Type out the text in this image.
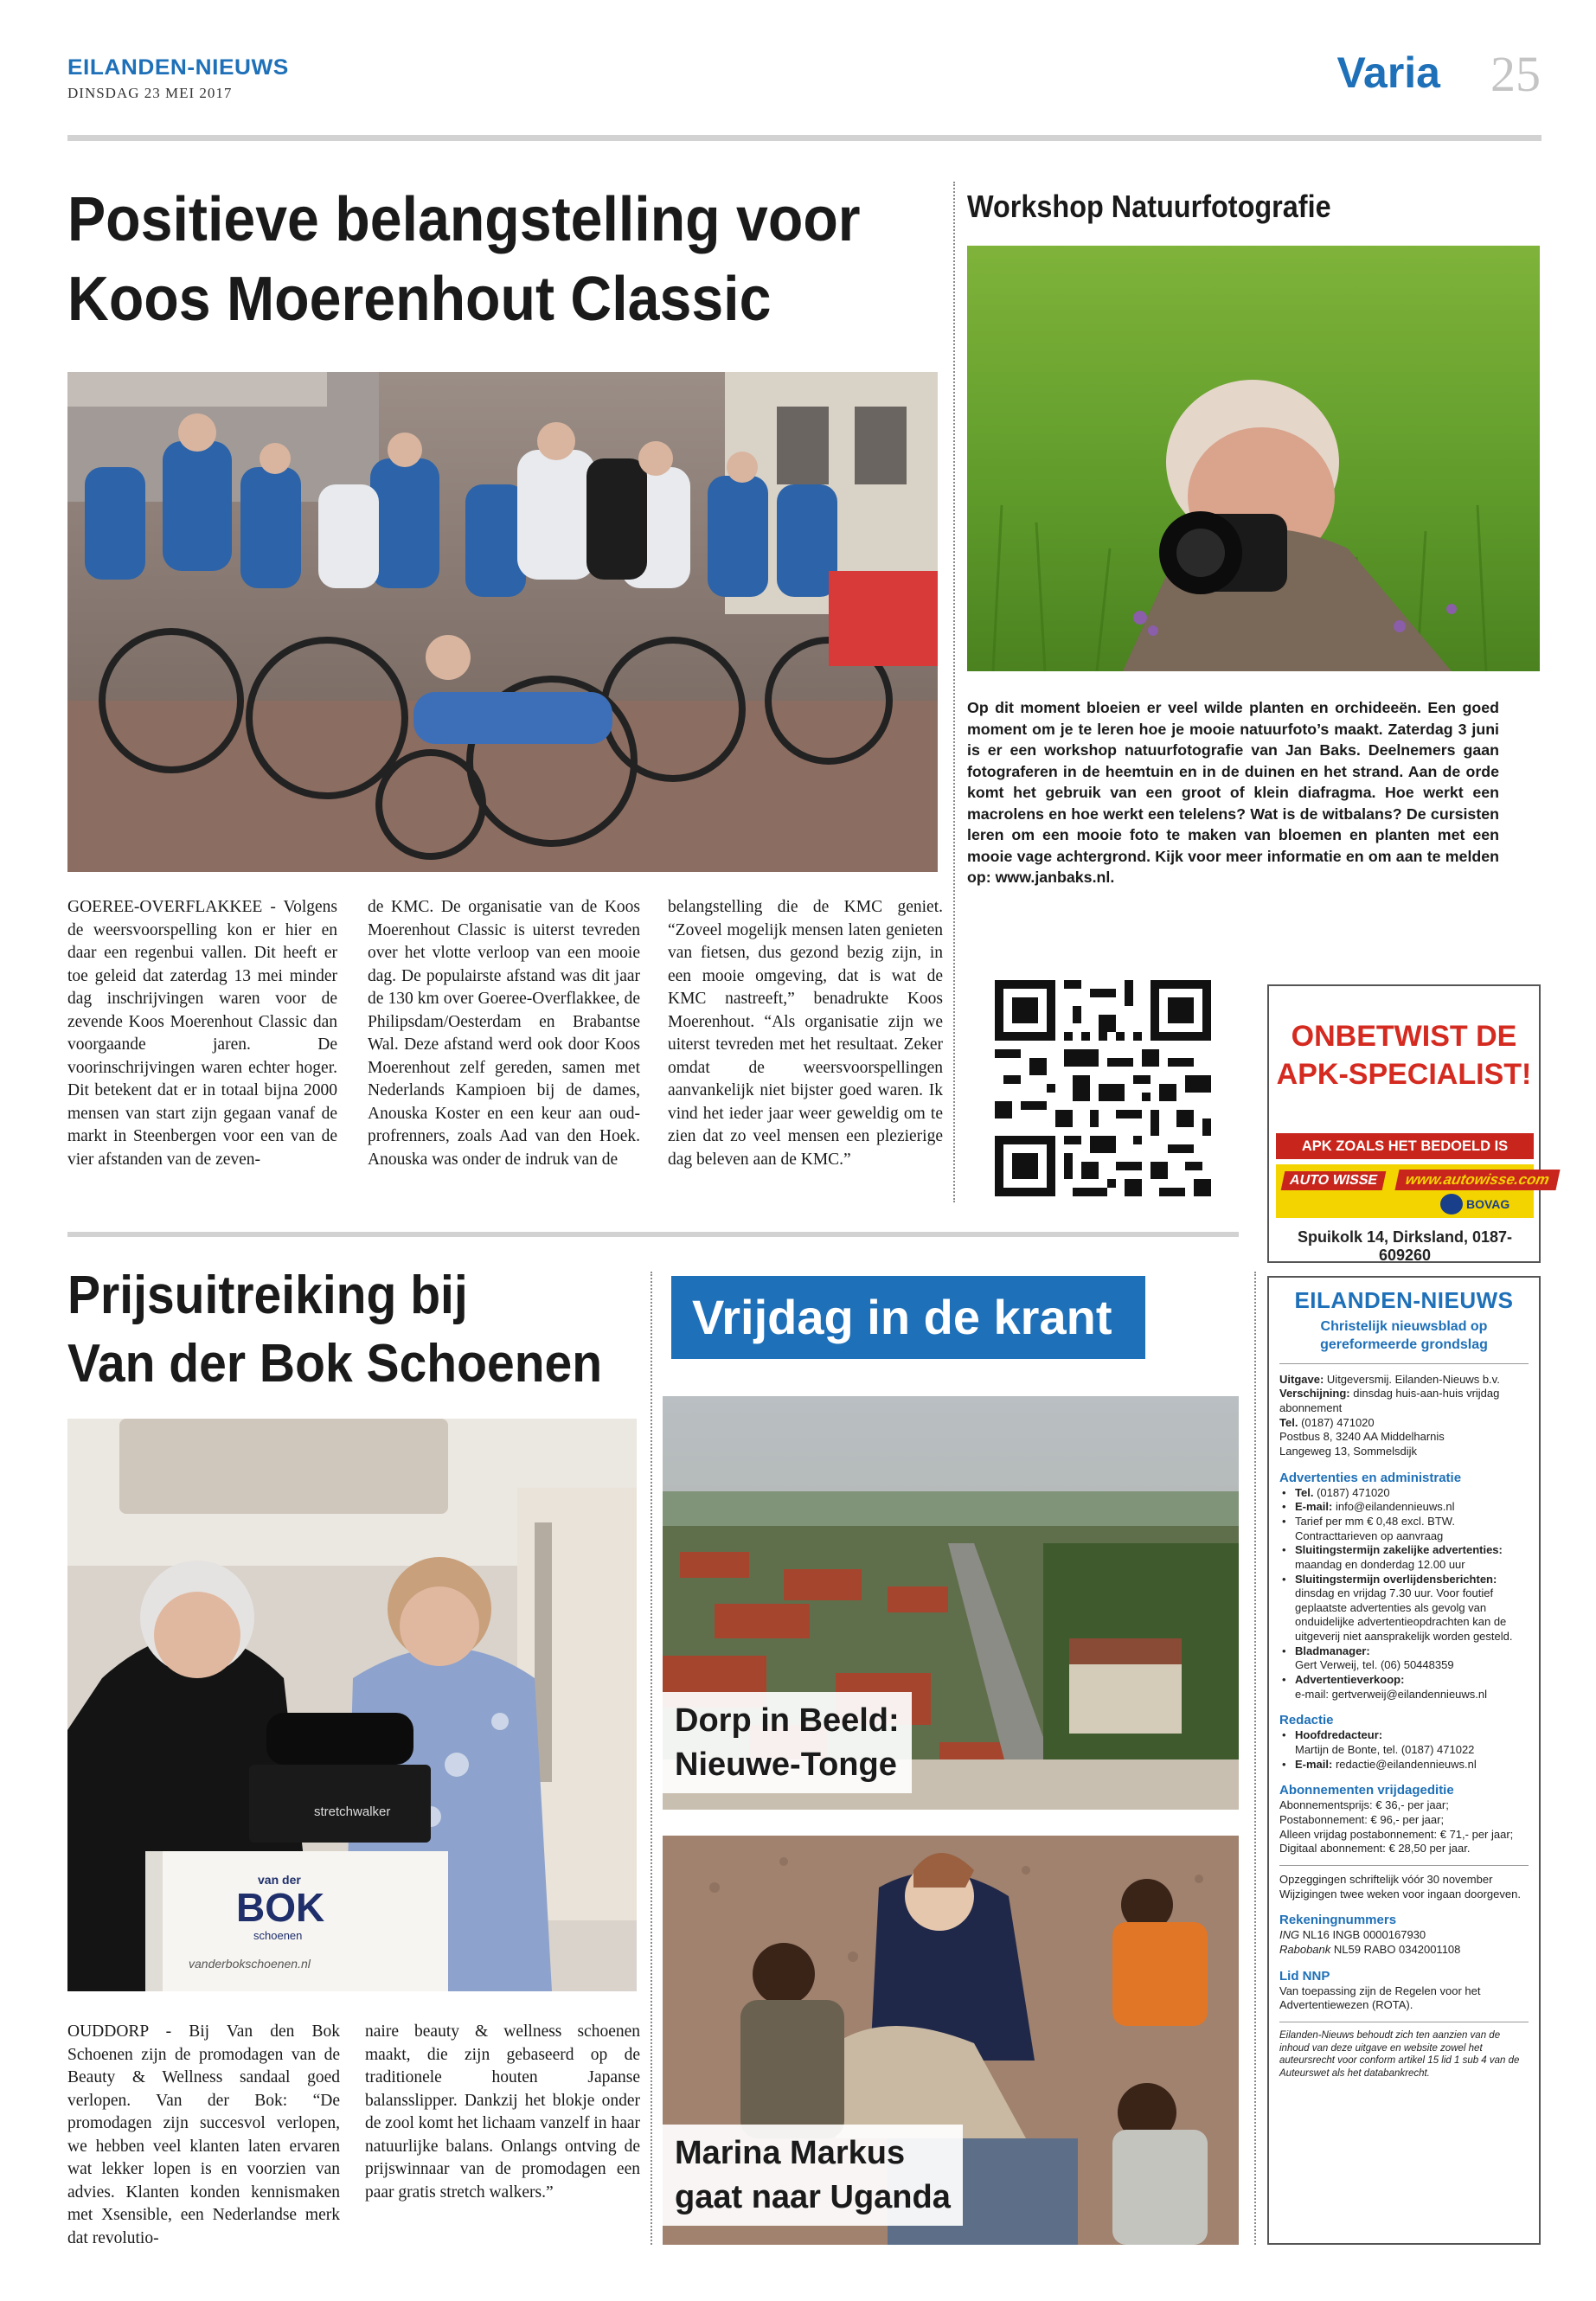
EILANDEN-NIEUWS
DINSDAG 23 MEI 2017	Varia 25
Positieve belangstelling voor
Koos Moerenhout Classic
GOEREE-OVERFLAKKEE - Volgens de weersvoorspelling kon er hier en daar een regenbui vallen. Dit heeft er toe geleid dat zaterdag 13 mei minder dag inschrijvingen waren voor de zevende Koos Moerenhout Classic dan voorgaande jaren. De voorinschrijvingen waren echter hoger. Dit betekent dat er in totaal bijna 2000 mensen van start zijn gegaan vanaf de markt in Steenbergen voor een van de vier afstanden van de zeven-
de KMC. De organisatie van de Koos Moerenhout Classic is uiterst tevreden over het vlotte verloop van een mooie dag. De populairste afstand was dit jaar de 130 km over Goeree-Overflakkee, de Philipsdam/Oesterdam en Brabantse Wal. Deze afstand werd ook door Koos Moerenhout zelf gereden, samen met Nederlands Kampioen bij de dames, Anouska Koster en een keur aan oud-profrenners, zoals Aad van den Hoek. Anouska was onder de indruk van de
belangstelling die de KMC geniet. “Zoveel mogelijk mensen laten genieten van fietsen, dus gezond bezig zijn, in een mooie omgeving, dat is wat de KMC nastreeft,” benadrukte Koos Moerenhout. “Als organisatie zijn we uiterst tevreden met het resultaat. Zeker omdat de weersvoorspellingen aanvankelijk niet bijster goed waren. Ik vind het ieder jaar weer geweldig om te zien dat zo veel mensen een plezierige dag beleven aan de KMC.”
Workshop Natuurfotografie
Op dit moment bloeien er veel wilde planten en orchideeën. Een goed moment om je te leren hoe je mooie natuurfoto’s maakt. Zaterdag 3 juni is er een workshop natuurfotografie van Jan Baks. Deelnemers gaan fotograferen in de heemtuin en in de duinen en het strand. Aan de orde komt het gebruik van een groot of klein diafragma. Hoe werkt een macrolens en hoe werkt een telelens? Wat is de witbalans? De cursisten leren om een mooie foto te maken van bloemen en planten met een mooie vage achtergrond. Kijk voor meer informatie en om aan te melden op: www.janbaks.nl.
ONBETWIST DE
APK-SPECIALIST!
APK ZOALS HET BEDOELD IS
AUTO WISSE	www.autowisse.com
BOVAG
Spuikolk 14, Dirksland, 0187-609260
Prijsuitreiking bij
Van der Bok Schoenen
stretchwalker
van der
BOK
schoenen
vanderbokschoenen.nl
OUDDORP - Bij Van den Bok Schoenen zijn de promodagen van de Beauty & Wellness sandaal goed verlopen. Van der Bok: “De promodagen zijn succesvol verlopen, we hebben veel klanten laten ervaren wat lekker lopen is en voorzien van advies. Klanten konden kennismaken met Xsensible, een Nederlandse merk dat revolutio-
naire beauty & wellness schoenen maakt, die zijn gebaseerd op de traditionele houten Japanse balansslipper. Dankzij het blokje onder de zool komt het lichaam vanzelf in haar natuurlijke balans. Onlangs ontving de prijswinnaar van de promodagen een paar gratis stretch walkers.”
Vrijdag in de krant
Dorp in Beeld:
Nieuwe-Tonge
Marina Markus
gaat naar Uganda
EILANDEN-NIEUWS
Christelijk nieuwsblad op gereformeerde grondslag
Uitgave: Uitgeversmij. Eilanden-Nieuws b.v.
Verschijning: dinsdag huis-aan-huis vrijdag abonnement
Tel. (0187) 471020
Postbus 8, 3240 AA Middelharnis
Langeweg 13, Sommelsdijk
Advertenties en administratie
• Tel. (0187) 471020
• E-mail: info@eilandennieuws.nl
• Tarief per mm € 0,48 excl. BTW. Contracttarieven op aanvraag
• Sluitingstermijn zakelijke advertenties:
maandag en donderdag 12.00 uur
• Sluitingstermijn overlijdensberichten:
dinsdag en vrijdag 7.30 uur. Voor foutief geplaatste advertenties als gevolg van onduidelijke advertentieopdrachten kan de uitgeverij niet aansprakelijk worden gesteld.
• Bladmanager:
Gert Verweij, tel. (06) 50448359
• Advertentieverkoop:
e-mail: gertverweij@eilandennieuws.nl
Redactie
• Hoofdredacteur:
Martijn de Bonte, tel. (0187) 471022
• E-mail: redactie@eilandennieuws.nl
Abonnementen vrijdageditie
Abonnementsprijs: € 36,- per jaar;
Postabonnement: € 96,- per jaar;
Alleen vrijdag postabonnement: € 71,- per jaar;
Digitaal abonnement: € 28,50 per jaar.
Opzeggingen schriftelijk vóór 30 november Wijzigingen twee weken voor ingaan doorgeven.
Rekeningnummers
ING NL16 INGB 0000167930
Rabobank NL59 RABO 0342001108
Lid NNP
Van toepassing zijn de Regelen voor het Advertentiewezen (ROTA).
Eilanden-Nieuws behoudt zich ten aanzien van de inhoud van deze uitgave en website zowel het auteursrecht voor conform artikel 15 lid 1 sub 4 van de Auteurswet als het databankrecht.
